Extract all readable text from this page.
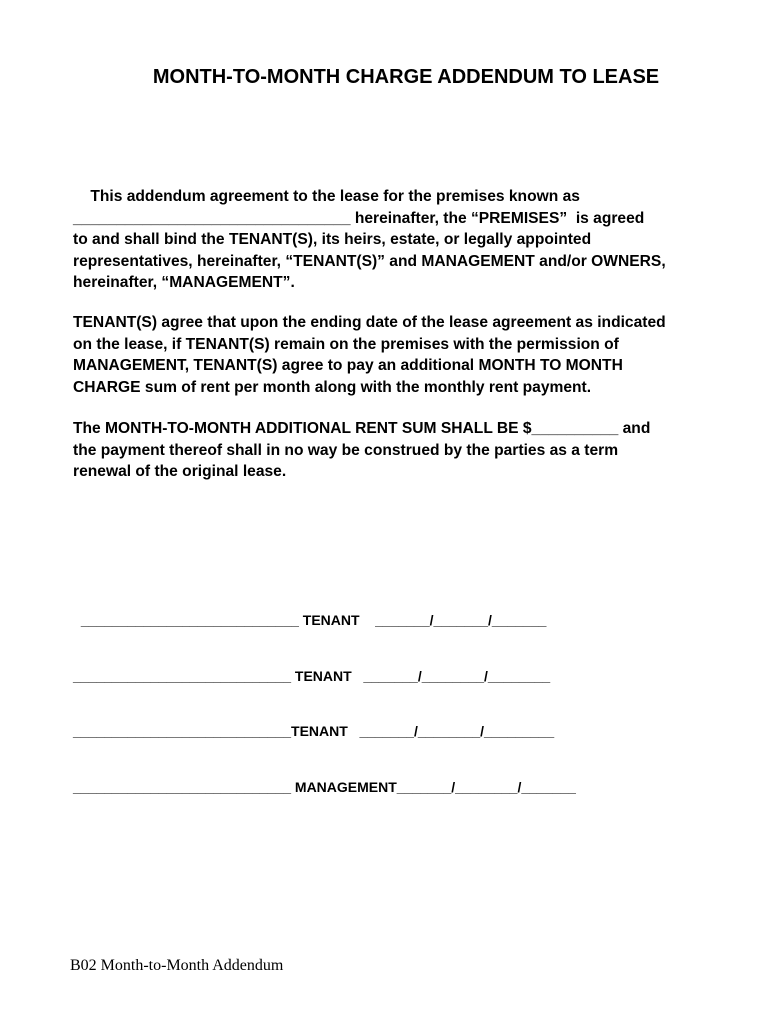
MONTH-TO-MONTH CHARGE ADDENDUM TO LEASE
This addendum agreement to the lease for the premises known as
________________________________ hereinafter, the “PREMISES”  is agreed
to and shall bind the TENANT(S), its heirs, estate, or legally appointed
representatives, hereinafter, “TENANT(S)” and MANAGEMENT and/or OWNERS,
hereinafter, “MANAGEMENT”.
TENANT(S) agree that upon the ending date of the lease agreement as indicated
on the lease, if TENANT(S) remain on the premises with the permission of
MANAGEMENT, TENANT(S) agree to pay an additional MONTH TO MONTH
CHARGE sum of rent per month along with the monthly rent payment.
The MONTH-TO-MONTH ADDITIONAL RENT SUM SHALL BE $__________ and
the payment thereof shall in no way be construed by the parties as a term
renewal of the original lease.
____________________________ TENANT    _______/_______/_______
____________________________ TENANT   _______/________/________
____________________________TENANT   _______/________/_________
____________________________ MANAGEMENT_______/________/_______
B02 Month-to-Month Addendum
